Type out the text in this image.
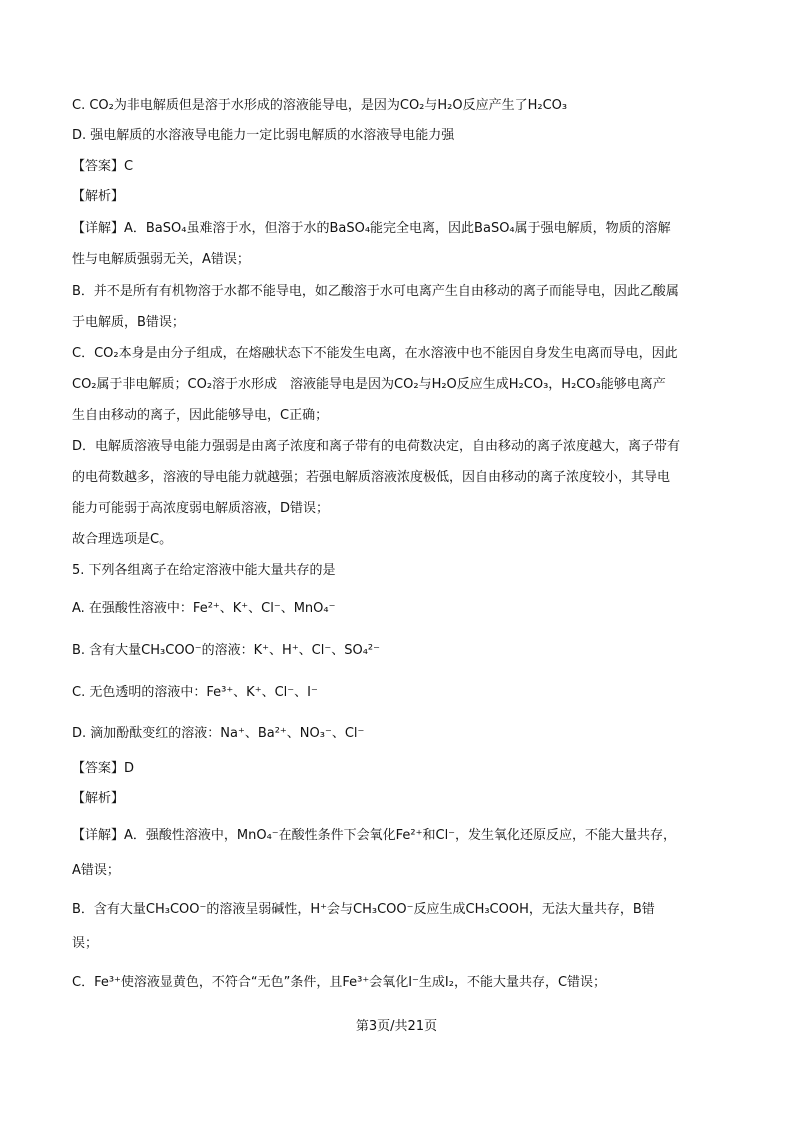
C. CO₂为非电解质但是溶于水形成的溶液能导电，是因为CO₂与H₂O反应产生了H₂CO₃
D. 强电解质的水溶液导电能力一定比弱电解质的水溶液导电能力强
【答案】C
【解析】
【详解】A．BaSO₄虽难溶于水，但溶于水的BaSO₄能完全电离，因此BaSO₄属于强电解质，物质的溶解
性与电解质强弱无关，A错误；
B．并不是所有有机物溶于水都不能导电，如乙酸溶于水可电离产生自由移动的离子而能导电，因此乙酸属
于电解质，B错误；
C．CO₂本身是由分子组成，在熔融状态下不能发生电离，在水溶液中也不能因自身发生电离而导电，因此
CO₂属于非电解质；CO₂溶于水形成　溶液能导电是因为CO₂与H₂O反应生成H₂CO₃，H₂CO₃能够电离产
生自由移动的离子，因此能够导电，C正确；
D．电解质溶液导电能力强弱是由离子浓度和离子带有的电荷数决定，自由移动的离子浓度越大，离子带有
的电荷数越多，溶液的导电能力就越强；若强电解质溶液浓度极低，因自由移动的离子浓度较小，其导电
能力可能弱于高浓度弱电解质溶液，D错误；
故合理选项是C。
5. 下列各组离子在给定溶液中能大量共存的是
A. 在强酸性溶液中：Fe²⁺、K⁺、Cl⁻、MnO₄⁻
B. 含有大量CH₃COO⁻的溶液：K⁺、H⁺、Cl⁻、SO₄²⁻
C. 无色透明的溶液中：Fe³⁺、K⁺、Cl⁻、I⁻
D. 滴加酚酞变红的溶液：Na⁺、Ba²⁺、NO₃⁻、Cl⁻
【答案】D
【解析】
【详解】A．强酸性溶液中，MnO₄⁻在酸性条件下会氧化Fe²⁺和Cl⁻，发生氧化还原反应，不能大量共存，
A错误；
B．含有大量CH₃COO⁻的溶液呈弱碱性，H⁺会与CH₃COO⁻反应生成CH₃COOH，无法大量共存，B错
误；
C．Fe³⁺使溶液显黄色，不符合“无色”条件，且Fe³⁺会氧化I⁻生成I₂，不能大量共存，C错误；
第3页/共21页
